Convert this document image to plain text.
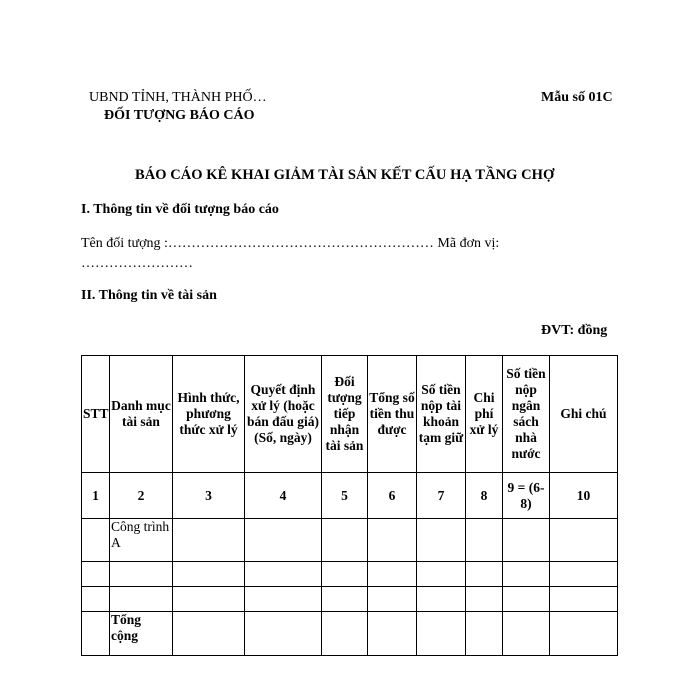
UBND TỈNH, THÀNH PHỐ…
ĐỐI TƯỢNG BÁO CÁO
Mẫu số 01C
BÁO CÁO KÊ KHAI GIẢM TÀI SẢN KẾT CẤU HẠ TẦNG CHỢ
I. Thông tin về đối tượng báo cáo
Tên đối tượng :………………………………………………… Mã đơn vị:
……………………
II. Thông tin về tài sản
ĐVT: đồng
STT	Danh mục tài sản	Hình thức, phương thức xử lý	Quyết định xử lý (hoặc bán đấu giá) (Số, ngày)	Đối tượng tiếp nhận tài sản	Tổng số tiền thu được	Số tiền nộp tài khoản tạm giữ	Chi phí xử lý	Số tiền nộp ngân sách nhà nước	Ghi chú
1	2	3	4	5	6	7	8	9 = (6-8)	10
	Công trình A								

	Tổng cộng								
